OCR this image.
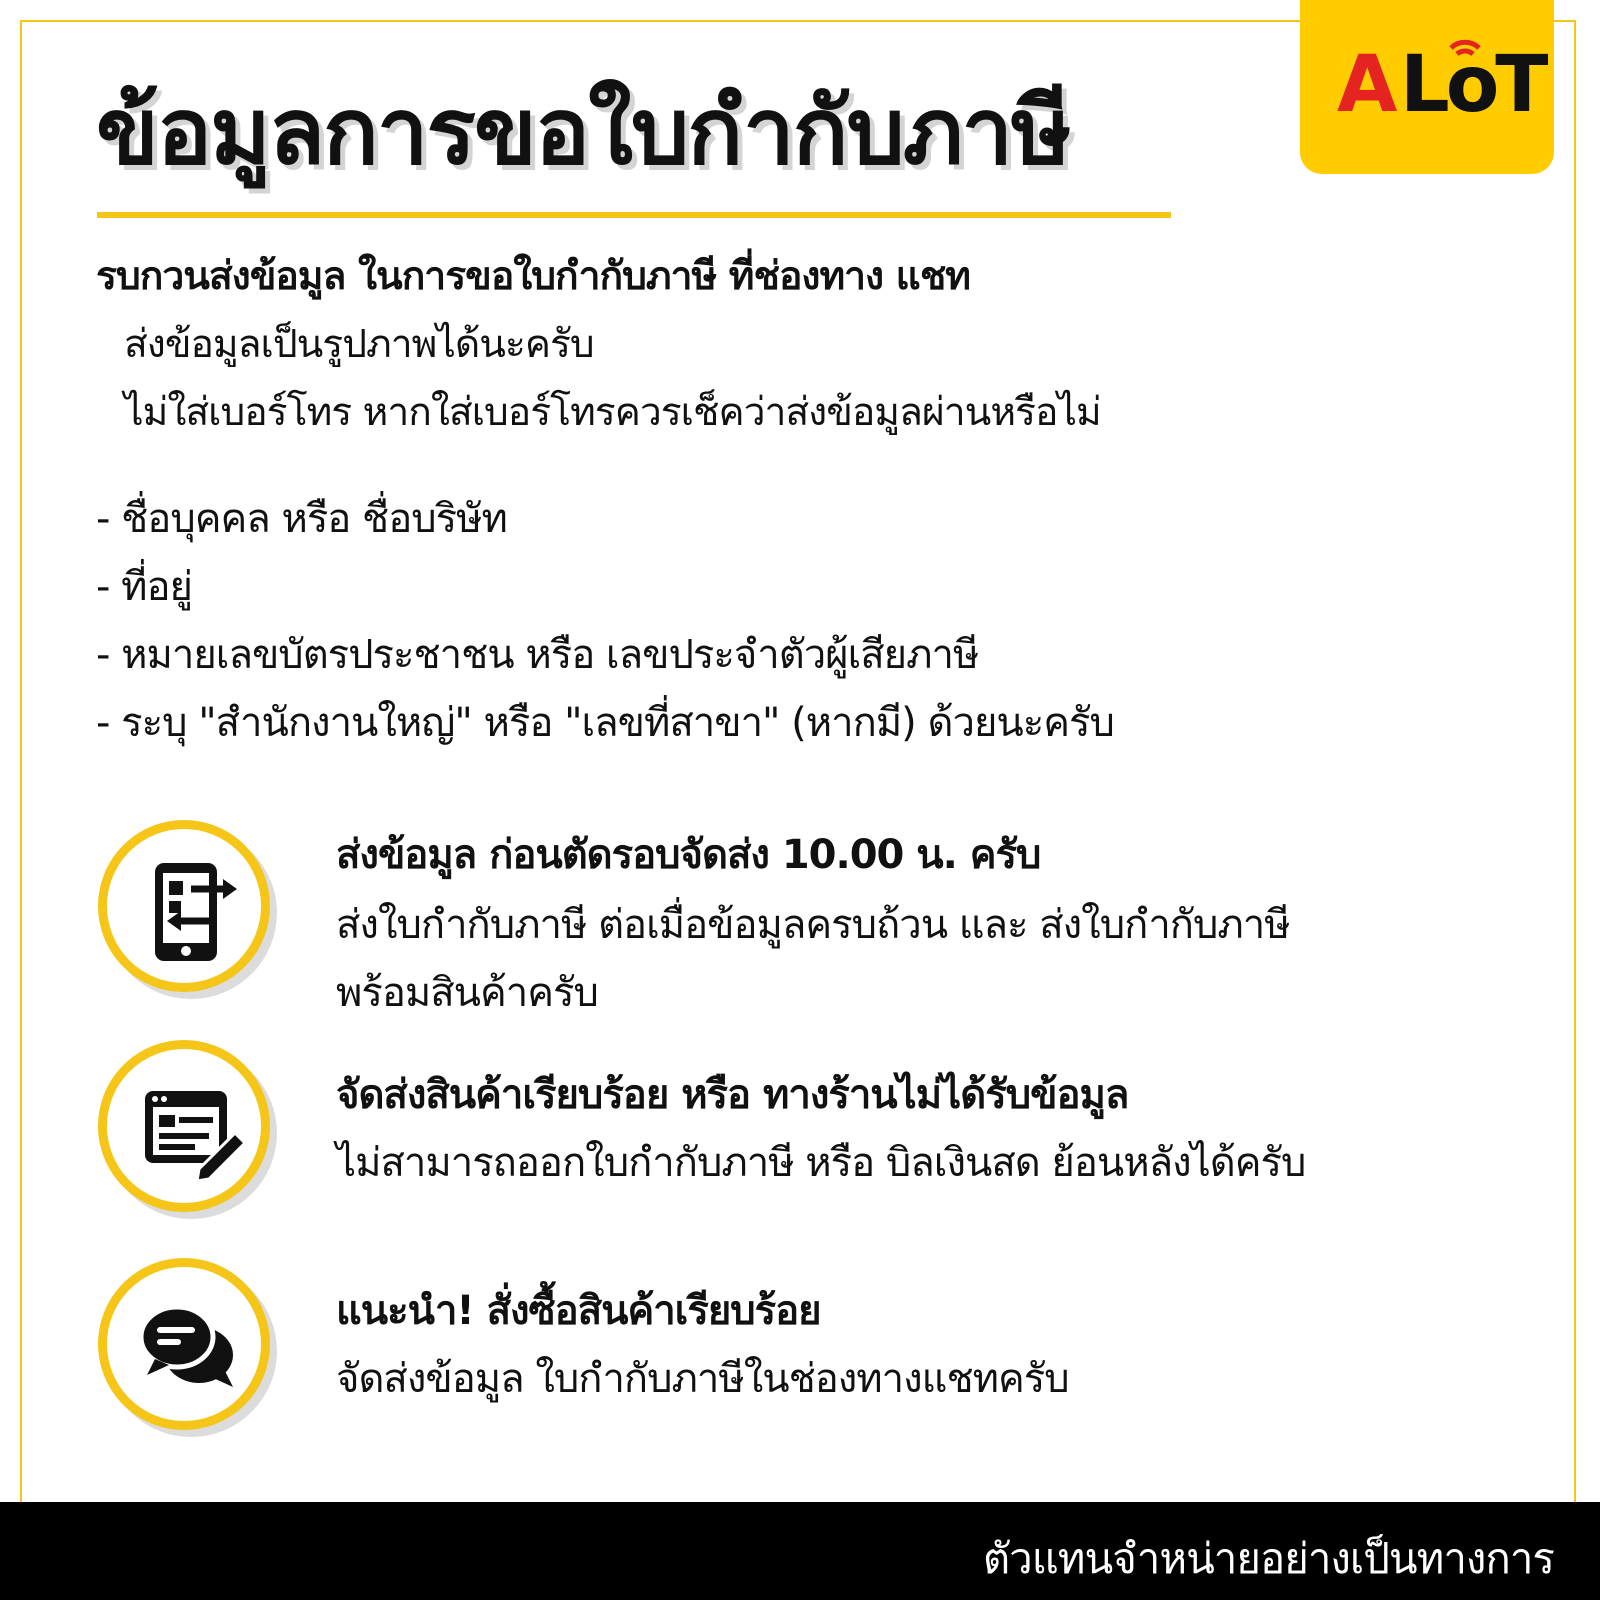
A LoT
ข้อมูลการขอใบกำกับภาษี
รบกวนส่งข้อมูล ในการขอใบกำกับภาษี ที่ช่องทาง แชท
ส่งข้อมูลเป็นรูปภาพได้นะครับ
ไม่ใส่เบอร์โทร หากใส่เบอร์โทรควรเช็คว่าส่งข้อมูลผ่านหรือไม่
- ชื่อบุคคล หรือ ชื่อบริษัท
- ที่อยู่
- หมายเลขบัตรประชาชน หรือ เลขประจำตัวผู้เสียภาษี
- ระบุ "สำนักงานใหญ่" หรือ "เลขที่สาขา" (หากมี) ด้วยนะครับ
ส่งข้อมูล ก่อนตัดรอบจัดส่ง 10.00 น. ครับ
ส่งใบกำกับภาษี ต่อเมื่อข้อมูลครบถ้วน และ ส่งใบกำกับภาษี
พร้อมสินค้าครับ
จัดส่งสินค้าเรียบร้อย หรือ ทางร้านไม่ได้รับข้อมูล
ไม่สามารถออกใบกำกับภาษี หรือ บิลเงินสด ย้อนหลังได้ครับ
แนะนำ! สั่งซื้อสินค้าเรียบร้อย
จัดส่งข้อมูล ใบกำกับภาษีในช่องทางแชทครับ
ตัวแทนจำหน่ายอย่างเป็นทางการ
